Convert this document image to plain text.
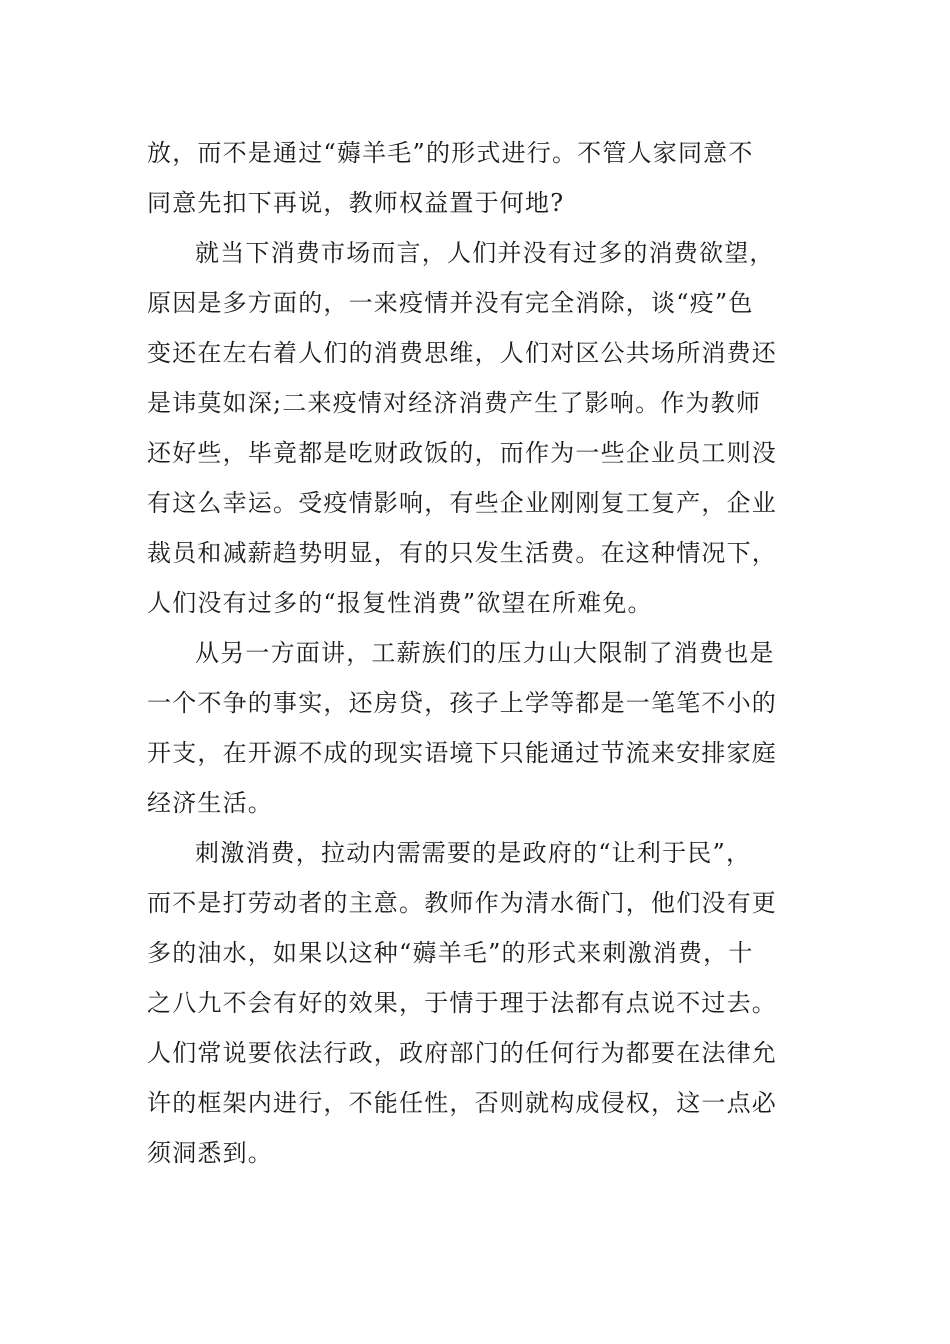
放，而不是通过“薅羊毛”的形式进行。不管人家同意不
同意先扣下再说，教师权益置于何地?
就当下消费市场而言，人们并没有过多的消费欲望，
原因是多方面的，一来疫情并没有完全消除，谈“疫”色
变还在左右着人们的消费思维，人们对区公共场所消费还
是讳莫如深;二来疫情对经济消费产生了影响。作为教师
还好些，毕竟都是吃财政饭的，而作为一些企业员工则没
有这么幸运。受疫情影响，有些企业刚刚复工复产，企业
裁员和减薪趋势明显，有的只发生活费。在这种情况下，
人们没有过多的“报复性消费”欲望在所难免。
从另一方面讲，工薪族们的压力山大限制了消费也是
一个不争的事实，还房贷，孩子上学等都是一笔笔不小的
开支，在开源不成的现实语境下只能通过节流来安排家庭
经济生活。
刺激消费，拉动内需需要的是政府的“让利于民”，
而不是打劳动者的主意。教师作为清水衙门，他们没有更
多的油水，如果以这种“薅羊毛”的形式来刺激消费，十
之八九不会有好的效果，于情于理于法都有点说不过去。
人们常说要依法行政，政府部门的任何行为都要在法律允
许的框架内进行，不能任性，否则就构成侵权，这一点必
须洞悉到。
